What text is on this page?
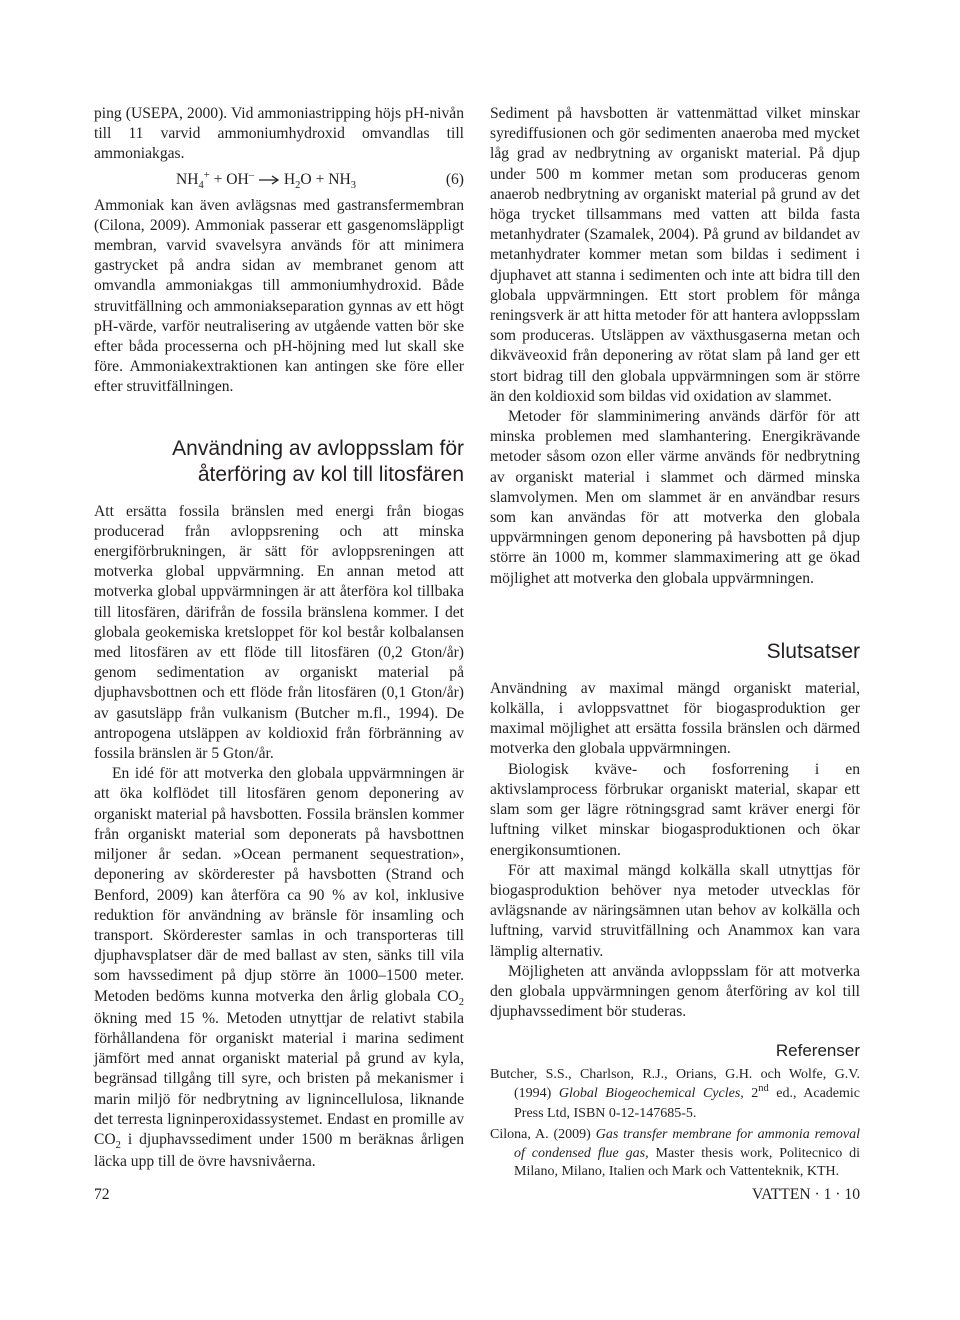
ping (USEPA, 2000). Vid ammoniastripping höjs pH-nivån till 11 varvid ammoniumhydroxid omvandlas till ammoniakgas.

$NH_4^+ + OH^- \to H_2O + NH_3$	(6)

Ammoniak kan även avlägsnas med gastransfermembran (Cilona, 2009). Ammoniak passerar ett gasgenomsläppligt membran, varvid svavelsyra används för att minimera gastrycket på andra sidan av membranet genom att omvandla ammoniakgas till ammoniumhydroxid. Både struvitfällning och ammoniakseparation gynnas av ett högt pH-värde, varför neutralisering av utgående vatten bör ske efter båda processerna och pH-höjning med lut skall ske före. Ammoniakextraktionen kan antingen ske före eller efter struvitfällningen.

Användning av avloppsslam för återföring av kol till litosfären

Att ersätta fossila bränslen med energi från biogas producerad från avloppsrening och att minska energiförbrukningen, är sätt för avloppsreningen att motverka global uppvärmning. En annan metod att motverka global uppvärmningen är att återföra kol tillbaka till litosfären, därifrån de fossila bränslena kommer. I det globala geokemiska kretsloppet för kol består kolbalansen med litosfären av ett flöde till litosfären (0,2 Gton/år) genom sedimentation av organiskt material på djuphavsbottnen och ett flöde från litosfären (0,1 Gton/år) av gasutsläpp från vulkanism (Butcher m.fl., 1994). De antropogena utsläppen av koldioxid från förbränning av fossila bränslen är 5 Gton/år.

En idé för att motverka den globala uppvärmningen är att öka kolflödet till litosfären genom deponering av organiskt material på havsbotten. Fossila bränslen kommer från organiskt material som deponerats på havsbottnen miljoner år sedan. »Ocean permanent sequestration», deponering av skörderester på havsbotten (Strand och Benford, 2009) kan återföra ca 90 % av kol, inklusive reduktion för användning av bränsle för insamling och transport. Skörderester samlas in och transporteras till djuphavsplatser där de med ballast av sten, sänks till vila som havssediment på djup större än 1000–1500 meter. Metoden bedöms kunna motverka den årlig globala $CO_2$ ökning med 15 %. Metoden utnyttjar de relativt stabila förhållandena för organiskt material i marina sediment jämfört med annat organiskt material på grund av kyla, begränsad tillgång till syre, och bristen på mekanismer i marin miljö för nedbrytning av lignincellulosa, liknande det terresta ligninperoxidassystemet. Endast en promille av $CO_2$ i djuphavssediment under 1500 m beräknas årligen läcka upp till de övre havsnivåerna.

Sediment på havsbotten är vattenmättad vilket minskar syrediffusionen och gör sedimenten anaeroba med mycket låg grad av nedbrytning av organiskt material. På djup under 500 m kommer metan som produceras genom anaerob nedbrytning av organiskt material på grund av det höga trycket tillsammans med vatten att bilda fasta metanhydrater (Szamalek, 2004). På grund av bildandet av metanhydrater kommer metan som bildas i sediment i djuphavet att stanna i sedimenten och inte att bidra till den globala uppvärmningen. Ett stort problem för många reningsverk är att hitta metoder för att hantera avloppsslam som produceras. Utsläppen av växthusgaserna metan och dikväveoxid från deponering av rötat slam på land ger ett stort bidrag till den globala uppvärmningen som är större än den koldioxid som bildas vid oxidation av slammet.

Metoder för slamminimering används därför för att minska problemen med slamhantering. Energikrävande metoder såsom ozon eller värme används för nedbrytning av organiskt material i slammet och därmed minska slamvolymen. Men om slammet är en användbar resurs som kan användas för att motverka den globala uppvärmningen genom deponering på havsbotten på djup större än 1000 m, kommer slammaximering att ge ökad möjlighet att motverka den globala uppvärmningen.

Slutsatser

Användning av maximal mängd organiskt material, kolkälla, i avloppsvattnet för biogasproduktion ger maximal möjlighet att ersätta fossila bränslen och därmed motverka den globala uppvärmningen.

Biologisk kväve- och fosforrening i en aktivslamprocess förbrukar organiskt material, skapar ett slam som ger lägre rötningsgrad samt kräver energi för luftning vilket minskar biogasproduktionen och ökar energikonsumtionen.

För att maximal mängd kolkälla skall utnyttjas för biogasproduktion behöver nya metoder utvecklas för avlägsnande av näringsämnen utan behov av kolkälla och luftning, varvid struvitfällning och Anammox kan vara lämplig alternativ.

Möjligheten att använda avloppsslam för att motverka den globala uppvärmningen genom återföring av kol till djuphavssediment bör studeras.

Referenser

Butcher, S.S., Charlson, R.J., Orians, G.H. och Wolfe, G.V. (1994) Global Biogeochemical Cycles, 2nd ed., Academic Press Ltd, ISBN 0-12-147685-5.

Cilona, A. (2009) Gas transfer membrane for ammonia removal of condensed flue gas, Master thesis work, Politecnico di Milano, Milano, Italien och Mark och Vattenteknik, KTH.

72	VATTEN · 1 · 10
